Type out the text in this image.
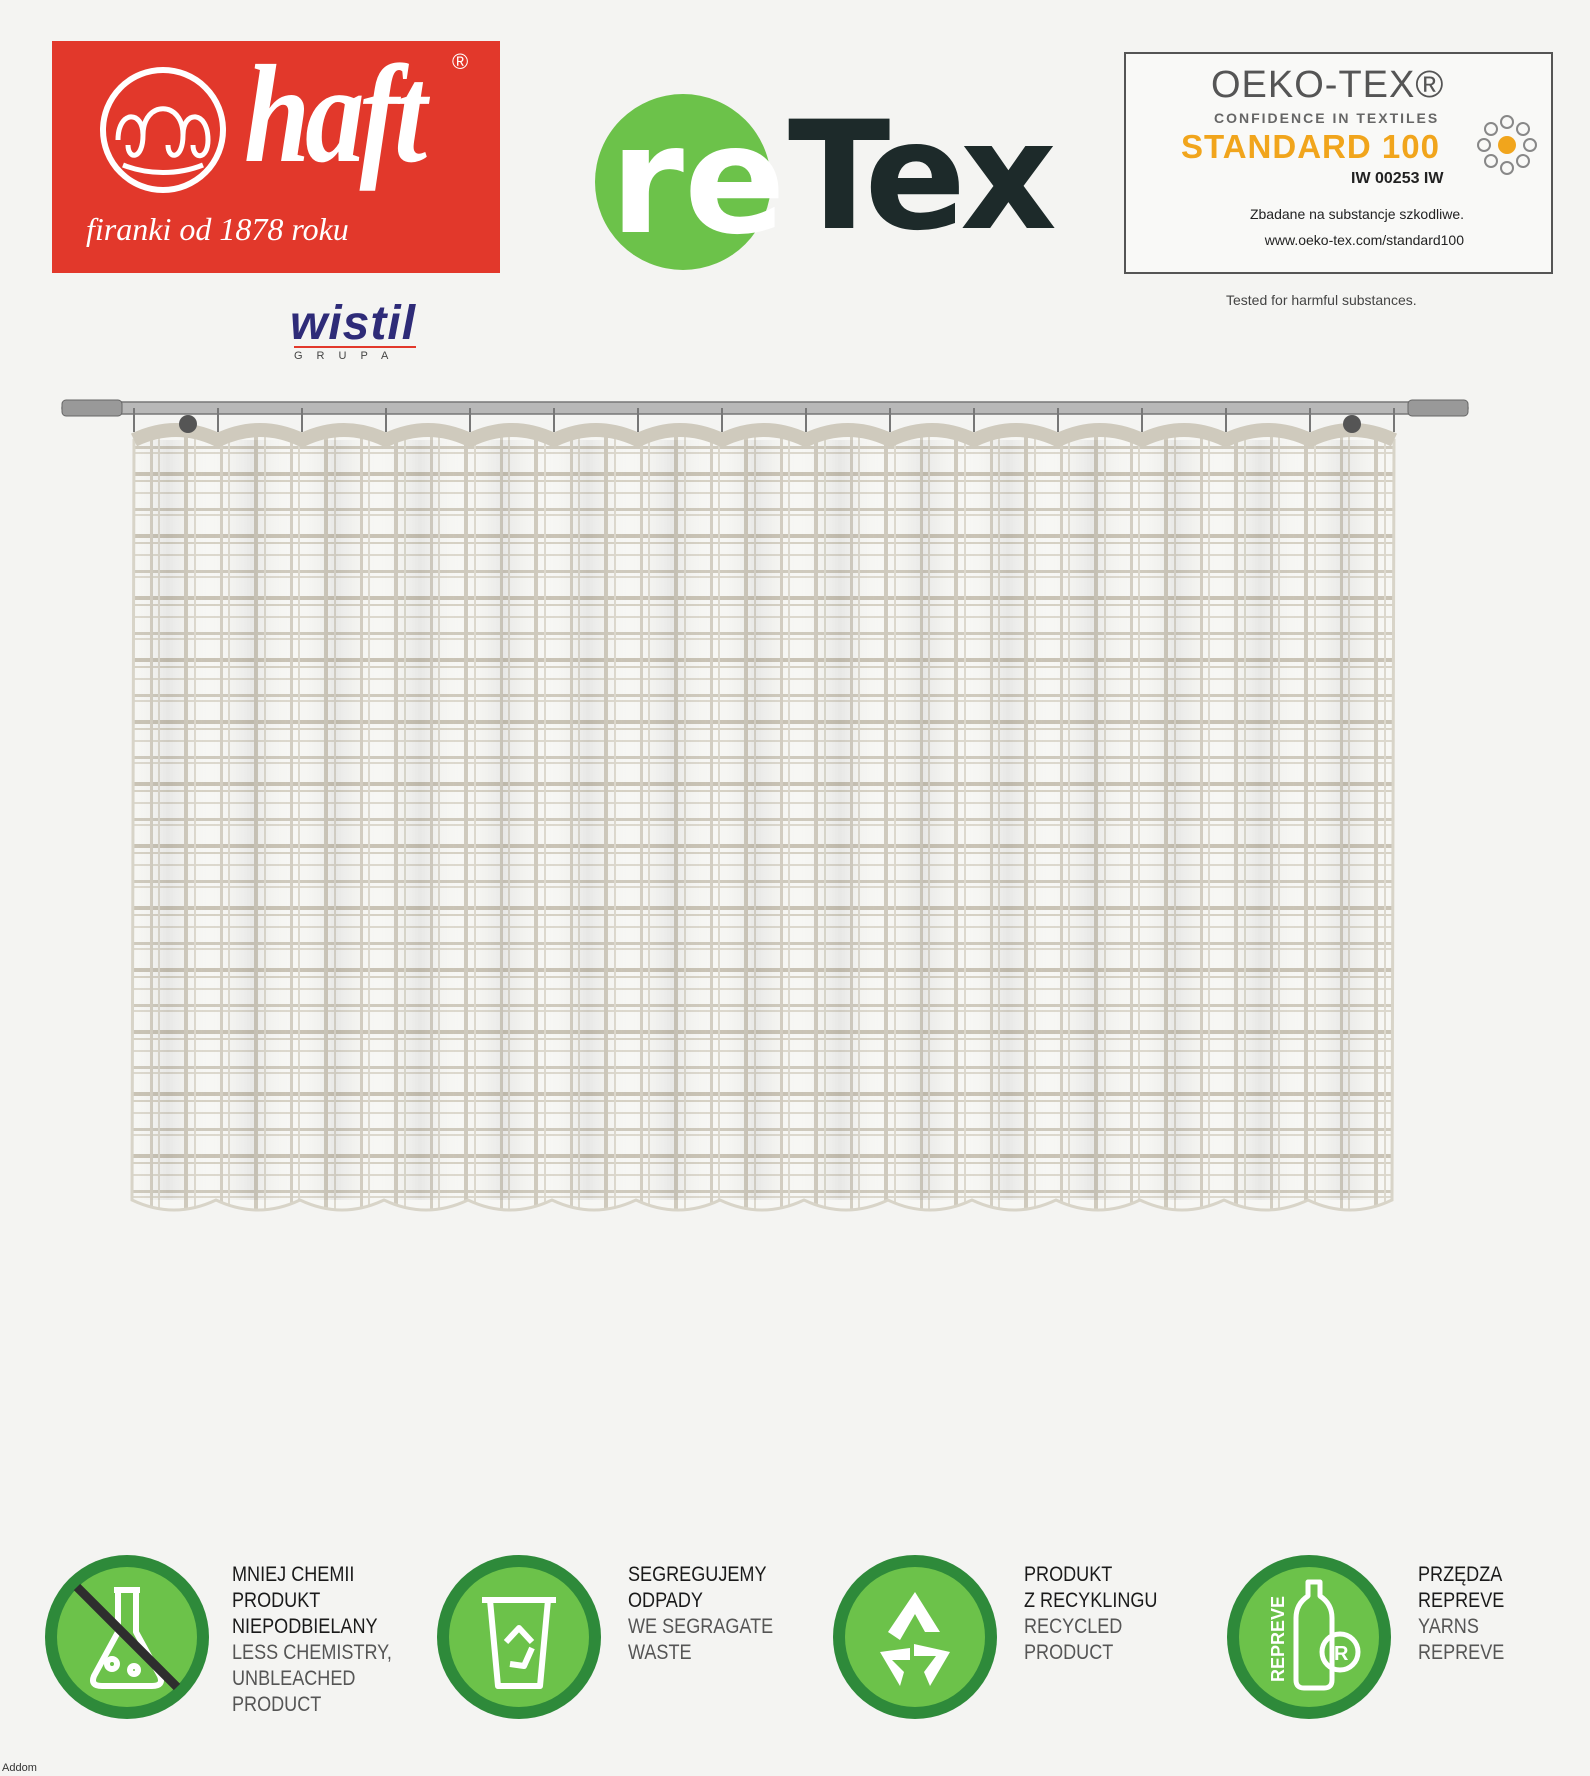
haft ®
firanki od 1878 roku
wistil
GRUPA
re Tex
OEKO-TEX®
CONFIDENCE IN TEXTILES
STANDARD 100
IW 00253 IW
Zbadane na substancje szkodliwe.
www.oeko-tex.com/standard100
Tested for harmful substances.
MNIEJ CHEMII
PRODUKT
NIEPODBIELANY
LESS CHEMISTRY,
UNBLEACHED
PRODUCT
SEGREGUJEMY
ODPADY
WE SEGRAGATE
WASTE
PRODUKT
Z RECYKLINGU
RECYCLED
PRODUCT	REPREVE R
PRZĘDZA
REPREVE
YARNS
REPREVE
Addom
